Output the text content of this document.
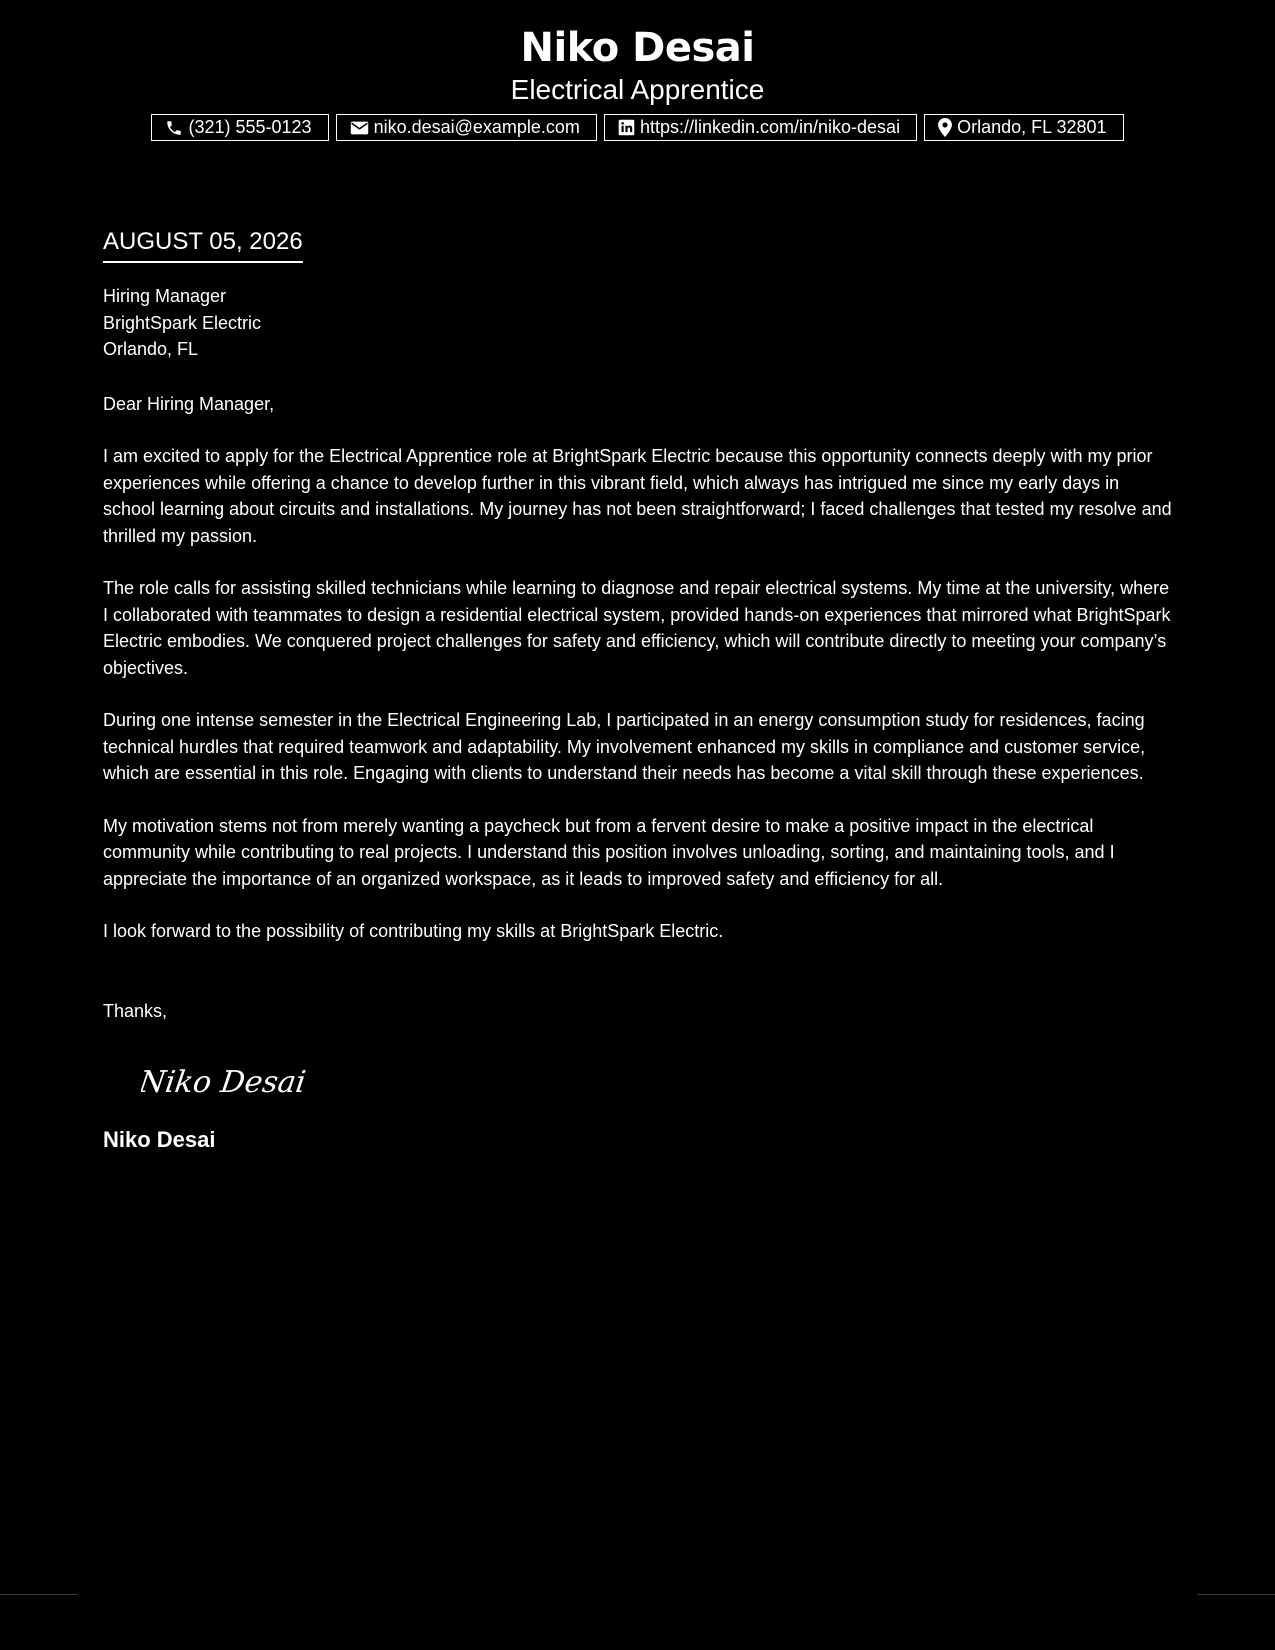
Niko Desai
Electrical Apprentice
(321) 555-0123	niko.desai@example.com	https://linkedin.com/in/niko-desai	Orlando, FL 32801
AUGUST 05, 2026
Hiring Manager
BrightSpark Electric
Orlando, FL
Dear Hiring Manager,
I am excited to apply for the Electrical Apprentice role at BrightSpark Electric because this opportunity connects deeply with my prior experiences while offering a chance to develop further in this vibrant field, which always has intrigued me since my early days in school learning about circuits and installations. My journey has not been straightforward; I faced challenges that tested my resolve and thrilled my passion.
The role calls for assisting skilled technicians while learning to diagnose and repair electrical systems. My time at the university, where I collaborated with teammates to design a residential electrical system, provided hands-on experiences that mirrored what BrightSpark Electric embodies. We conquered project challenges for safety and efficiency, which will contribute directly to meeting your company’s objectives.
During one intense semester in the Electrical Engineering Lab, I participated in an energy consumption study for residences, facing technical hurdles that required teamwork and adaptability. My involvement enhanced my skills in compliance and customer service, which are essential in this role. Engaging with clients to understand their needs has become a vital skill through these experiences.
My motivation stems not from merely wanting a paycheck but from a fervent desire to make a positive impact in the electrical community while contributing to real projects. I understand this position involves unloading, sorting, and maintaining tools, and I appreciate the importance of an organized workspace, as it leads to improved safety and efficiency for all.
I look forward to the possibility of contributing my skills at BrightSpark Electric.
Thanks,
Niko Desai
Niko Desai
